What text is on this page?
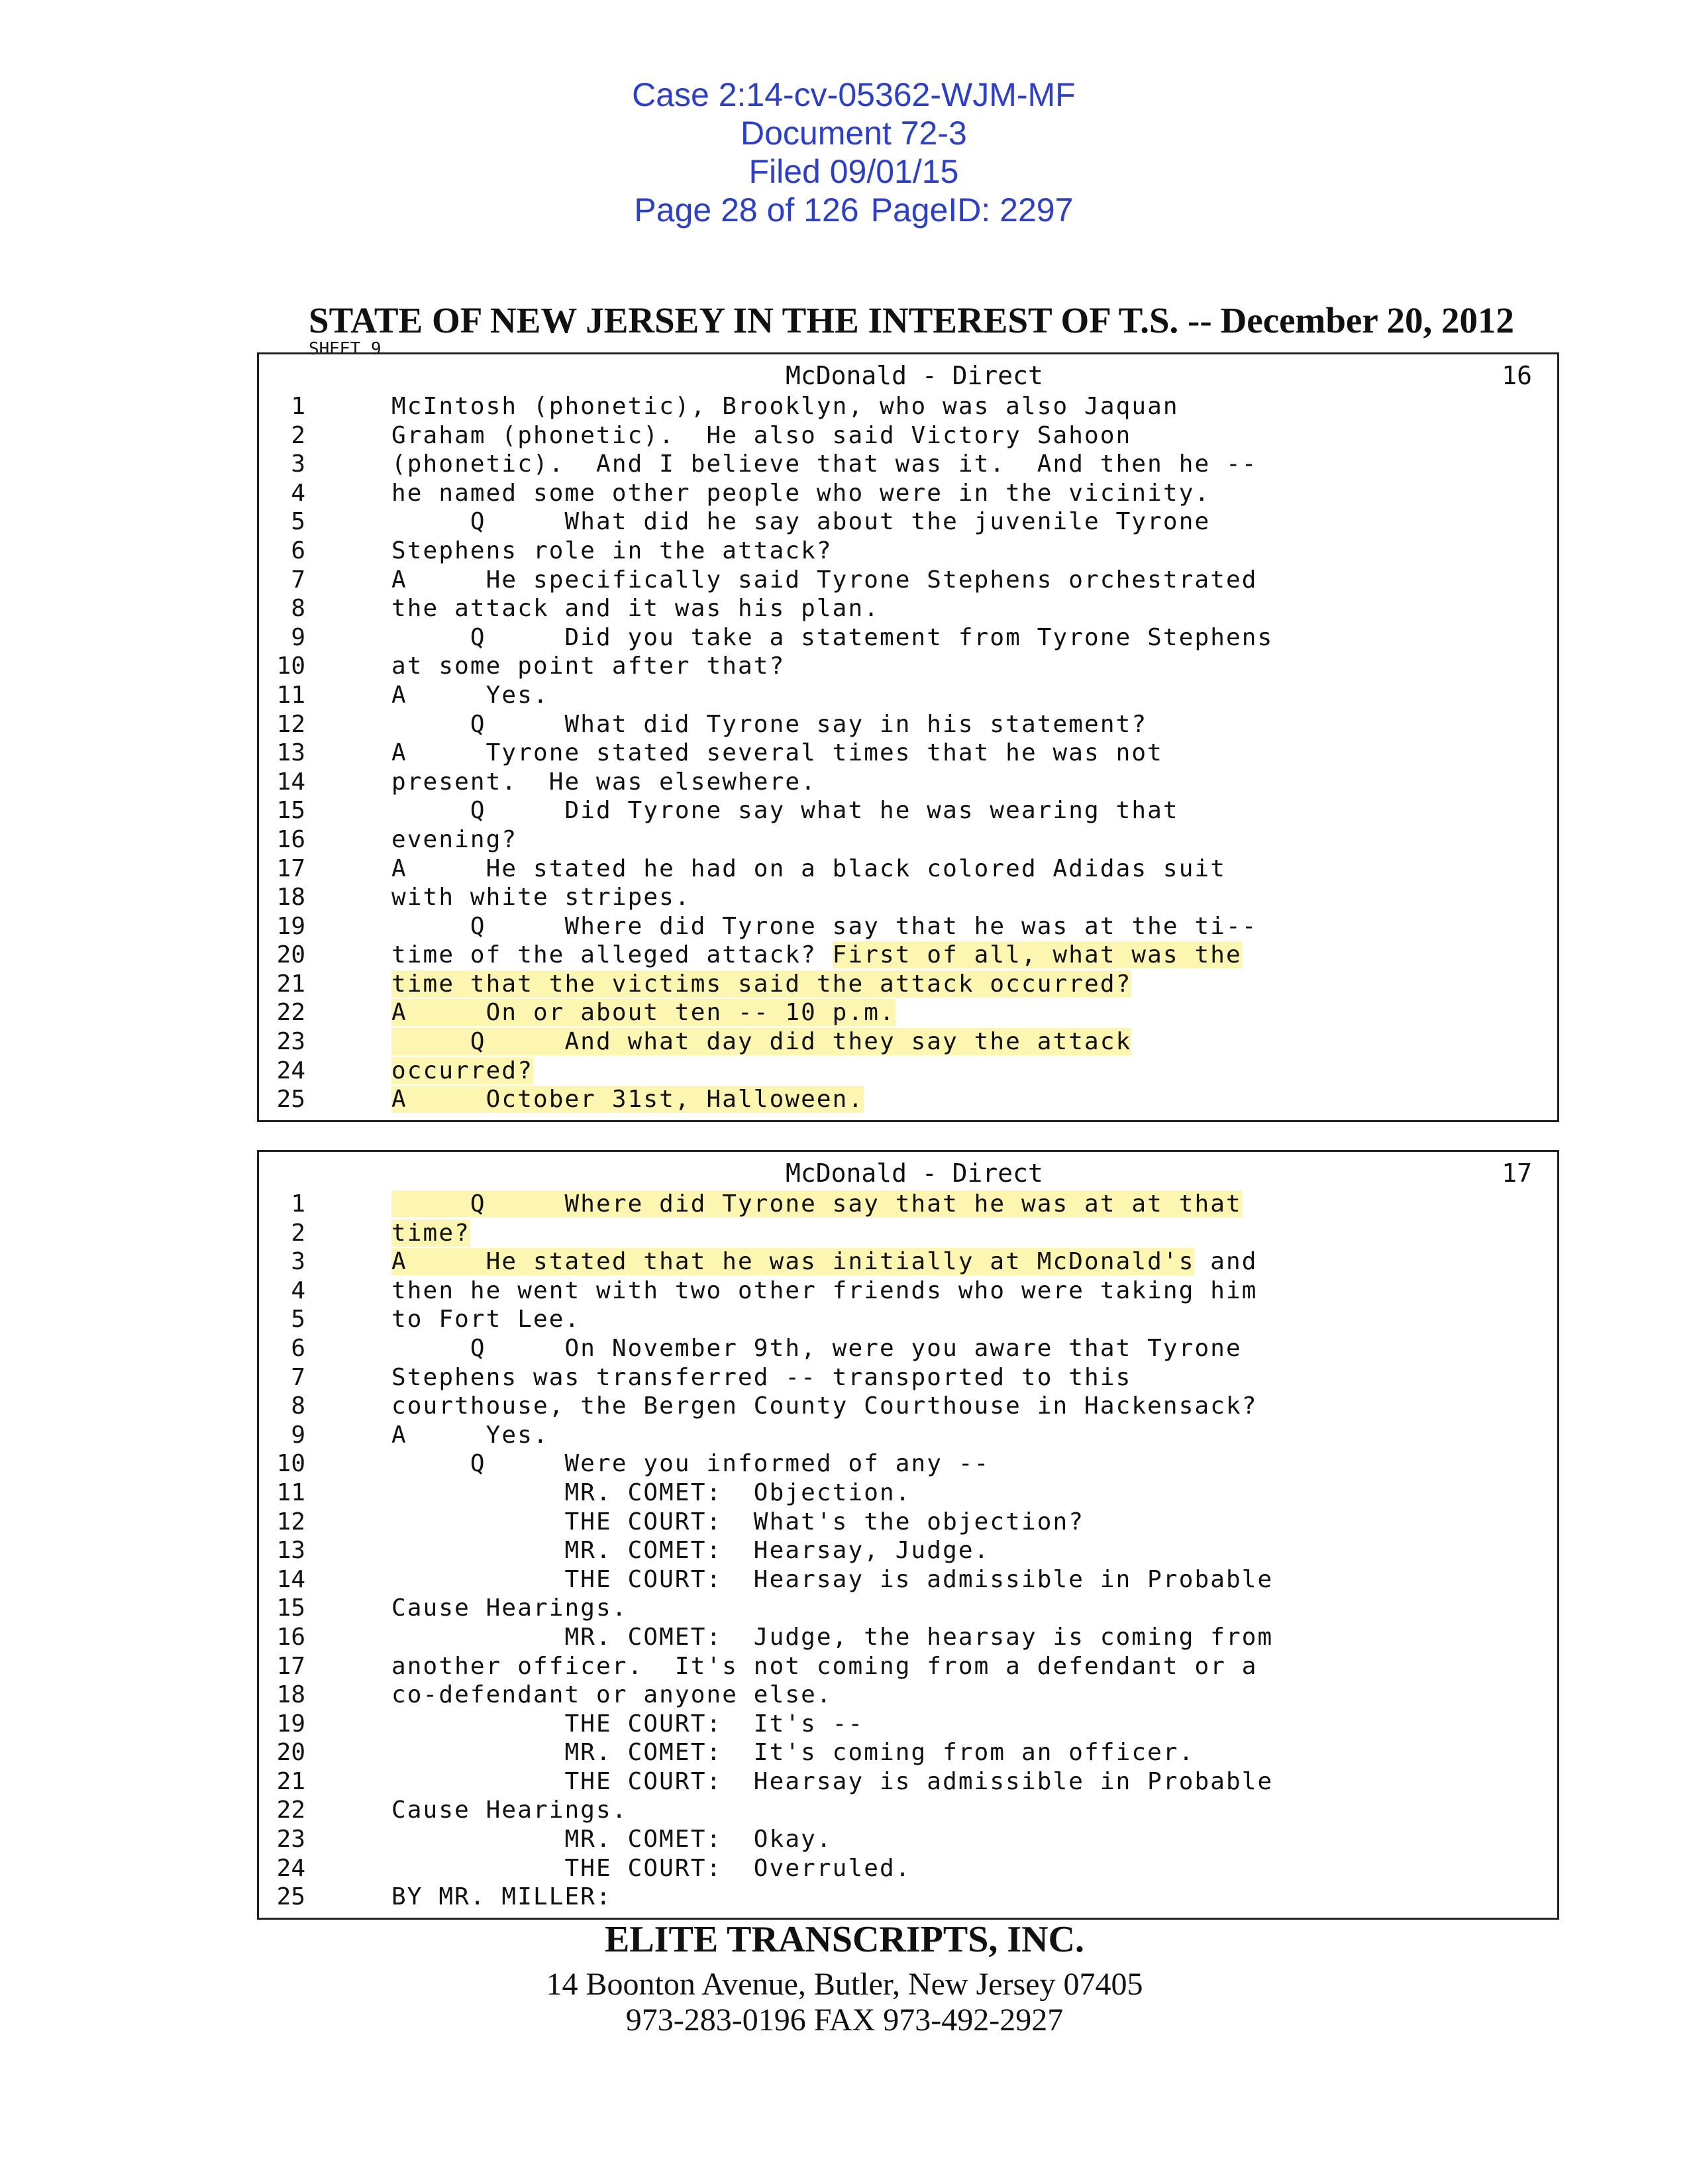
Case 2:14-cv-05362-WJM-MF
Document 72-3
Filed 09/01/15
Page 28 of 126 PageID: 2297

STATE OF NEW JERSEY IN THE INTEREST OF T.S. -- December 20, 2012
SHEET 9
McDonald - Direct	16
1	McIntosh (phonetic), Brooklyn, who was also Jaquan
2	Graham (phonetic).  He also said Victory Sahoon
3	(phonetic).  And I believe that was it.  And then he --
4	he named some other people who were in the vicinity.
5	Q     What did he say about the juvenile Tyrone
6	Stephens role in the attack?
7	A     He specifically said Tyrone Stephens orchestrated
8	the attack and it was his plan.
9	Q     Did you take a statement from Tyrone Stephens
10	at some point after that?
11	A     Yes.
12	Q     What did Tyrone say in his statement?
13	A     Tyrone stated several times that he was not
14	present.  He was elsewhere.
15	Q     Did Tyrone say what he was wearing that
16	evening?
17	A     He stated he had on a black colored Adidas suit
18	with white stripes.
19	Q     Where did Tyrone say that he was at the ti--
20	time of the alleged attack? First of all, what was the
21	time that the victims said the attack occurred?
22	A     On or about ten -- 10 p.m.
23	Q     And what day did they say the attack
24	occurred?
25	A     October 31st, Halloween.
McDonald - Direct	17
1	Q     Where did Tyrone say that he was at at that
2	time?
3	A     He stated that he was initially at McDonald's and
4	then he went with two other friends who were taking him
5	to Fort Lee.
6	Q     On November 9th, were you aware that Tyrone
7	Stephens was transferred -- transported to this
8	courthouse, the Bergen County Courthouse in Hackensack?
9	A     Yes.
10	Q     Were you informed of any --
11	MR. COMET:  Objection.
12	THE COURT:  What's the objection?
13	MR. COMET:  Hearsay, Judge.
14	THE COURT:  Hearsay is admissible in Probable
15	Cause Hearings.
16	MR. COMET:  Judge, the hearsay is coming from
17	another officer.  It's not coming from a defendant or a
18	co-defendant or anyone else.
19	THE COURT:  It's --
20	MR. COMET:  It's coming from an officer.
21	THE COURT:  Hearsay is admissible in Probable
22	Cause Hearings.
23	MR. COMET:  Okay.
24	THE COURT:  Overruled.
25	BY MR. MILLER:
ELITE TRANSCRIPTS, INC.
14 Boonton Avenue, Butler, New Jersey 07405
973-283-0196 FAX 973-492-2927
